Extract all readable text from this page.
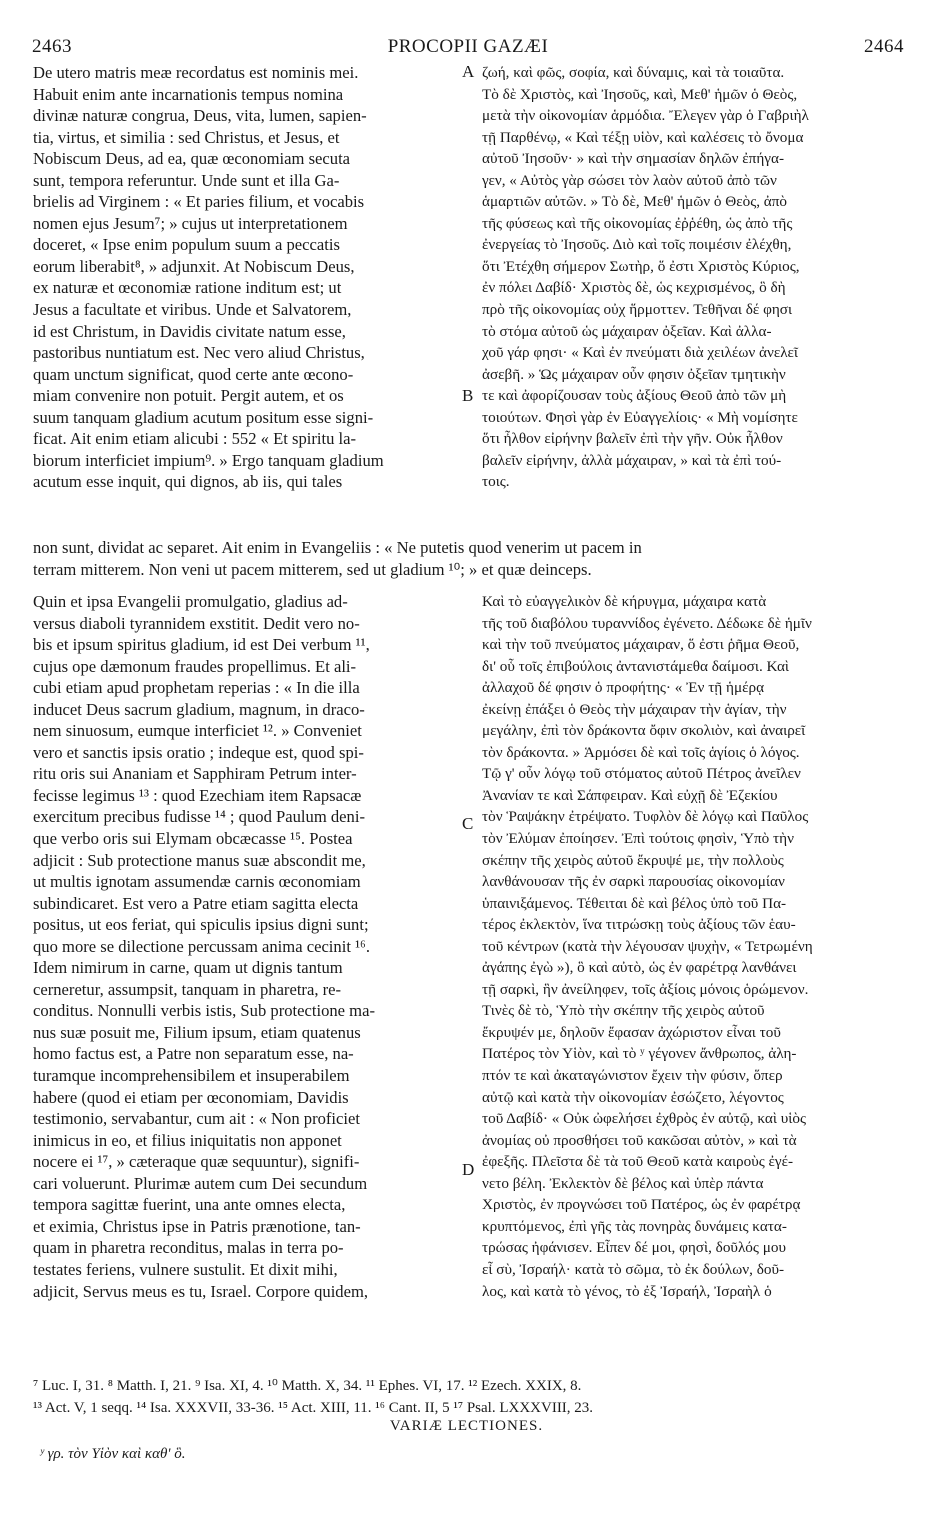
2463	PROCOPII GAZÆI	2464
De utero matris meæ recordatus est nominis mei.
Habuit enim ante incarnationis tempus nomina
divinæ naturæ congrua, Deus, vita, lumen, sapien-
tia, virtus, et similia : sed Christus, et Jesus, et
Nobiscum Deus, ad ea, quæ œconomiam secuta
sunt, tempora referuntur. Unde sunt et illa Ga-
brielis ad Virginem : « Et paries filium, et vocabis
nomen ejus Jesum⁷; » cujus ut interpretationem
doceret, « Ipse enim populum suum a peccatis
eorum liberabit⁸, » adjunxit. At Nobiscum Deus,
ex naturæ et œconomiæ ratione inditum est; ut
Jesus a facultate et viribus. Unde et Salvatorem,
id est Christum, in Davidis civitate natum esse,
pastoribus nuntiatum est. Nec vero aliud Christus,
quam unctum significat, quod certe ante œcono-
miam convenire non potuit. Pergit autem, et os
suum tanquam gladium acutum positum esse signi-
ficat. Ait enim etiam alicubi : 552 « Et spiritu la-
biorum interficiet impium⁹. » Ergo tanquam gladium
acutum esse inquit, qui dignos, ab iis, qui tales
ζωή, καὶ φῶς, σοφία, καὶ δύναμις, καὶ τὰ τοιαῦτα.
Τὸ δὲ Χριστὸς, καὶ Ἰησοῦς, καὶ, Μεθ' ἡμῶν ὁ Θεὸς,
μετὰ τὴν οἰκονομίαν ἁρμόδια. Ἔλεγεν γὰρ ὁ Γαβριὴλ
τῇ Παρθένῳ, « Καὶ τέξῃ υἱὸν, καὶ καλέσεις τὸ ὄνομα
αὐτοῦ Ἰησοῦν· » καὶ τὴν σημασίαν δηλῶν ἐπήγα-
γεν, « Αὐτὸς γὰρ σώσει τὸν λαὸν αὐτοῦ ἀπὸ τῶν
ἁμαρτιῶν αὐτῶν. » Τὸ δὲ, Μεθ' ἡμῶν ὁ Θεὸς, ἀπὸ
τῆς φύσεως καὶ τῆς οἰκονομίας ἐῤῥέθη, ὡς ἀπὸ τῆς
ἐνεργείας τὸ Ἰησοῦς. Διὸ καὶ τοῖς ποιμέσιν ἐλέχθη,
ὅτι Ἐτέχθη σήμερον Σωτὴρ, ὅ ἐστι Χριστὸς Κύριος,
ἐν πόλει Δαβίδ· Χριστὸς δὲ, ὡς κεχρισμένος, ὃ δὴ
πρὸ τῆς οἰκονομίας οὐχ ἥρμοττεν. Τεθῆναι δέ φησι
τὸ στόμα αὐτοῦ ὡς μάχαιραν ὀξεῖαν. Καὶ ἀλλα-
χοῦ γάρ φησι· « Καὶ ἐν πνεύματι διὰ χειλέων ἀνελεῖ
ἀσεβῆ. » Ὡς μάχαιραν οὖν φησιν ὀξεῖαν τμητικὴν
τε καὶ ἀφορίζουσαν τοὺς ἀξίους Θεοῦ ἀπὸ τῶν μὴ
τοιούτων. Φησὶ γὰρ ἐν Εὐαγγελίοις· « Μὴ νομίσητε
ὅτι ἦλθον εἰρήνην βαλεῖν ἐπὶ τὴν γῆν. Οὐκ ἦλθον
βαλεῖν εἰρήνην, ἀλλὰ μάχαιραν, » καὶ τὰ ἐπὶ τού-
τοις.
A
B
C
D
non sunt, dividat ac separet. Ait enim in Evangeliis : « Ne putetis quod venerim ut pacem in
terram mitterem. Non veni ut pacem mitterem, sed ut gladium ¹⁰; » et quæ deinceps.
Quin et ipsa Evangelii promulgatio, gladius ad-
versus diaboli tyrannidem exstitit. Dedit vero no-
bis et ipsum spiritus gladium, id est Dei verbum ¹¹,
cujus ope dæmonum fraudes propellimus. Et ali-
cubi etiam apud prophetam reperias : « In die illa
inducet Deus sacrum gladium, magnum, in draco-
nem sinuosum, eumque interficiet ¹². » Conveniet
vero et sanctis ipsis oratio ; indeque est, quod spi-
ritu oris sui Ananiam et Sapphiram Petrum inter-
fecisse legimus ¹³ : quod Ezechiam item Rapsacæ
exercitum precibus fudisse ¹⁴ ; quod Paulum deni-
que verbo oris sui Elymam obcæcasse ¹⁵. Postea
adjicit : Sub protectione manus suæ abscondit me,
ut multis ignotam assumendæ carnis œconomiam
subindicaret. Est vero a Patre etiam sagitta electa
positus, ut eos feriat, qui spiculis ipsius digni sunt;
quo more se dilectione percussam anima cecinit ¹⁶.
Idem nimirum in carne, quam ut dignis tantum
cerneretur, assumpsit, tanquam in pharetra, re-
conditus. Nonnulli verbis istis, Sub protectione ma-
nus suæ posuit me, Filium ipsum, etiam quatenus
homo factus est, a Patre non separatum esse, na-
turamque incomprehensibilem et insuperabilem
habere (quod ei etiam per œconomiam, Davidis
testimonio, servabantur, cum ait : « Non proficiet
inimicus in eo, et filius iniquitatis non apponet
nocere ei ¹⁷, » cæteraque quæ sequuntur), signifi-
cari voluerunt. Plurimæ autem cum Dei secundum
tempora sagittæ fuerint, una ante omnes electa,
et eximia, Christus ipse in Patris prænotione, tan-
quam in pharetra reconditus, malas in terra po-
testates feriens, vulnere sustulit. Et dixit mihi,
adjicit, Servus meus es tu, Israel. Corpore quidem,
Καὶ τὸ εὐαγγελικὸν δὲ κήρυγμα, μάχαιρα κατὰ
τῆς τοῦ διαβόλου τυραννίδος ἐγένετο. Δέδωκε δὲ ἡμῖν
καὶ τὴν τοῦ πνεύματος μάχαιραν, ὅ ἐστι ῥῆμα Θεοῦ,
δι' οὗ τοῖς ἐπιβούλοις ἀντανιστάμεθα δαίμοσι. Καὶ
ἀλλαχοῦ δέ φησιν ὁ προφήτης· « Ἐν τῇ ἡμέρᾳ
ἐκείνῃ ἐπάξει ὁ Θεὸς τὴν μάχαιραν τὴν ἁγίαν, τὴν
μεγάλην, ἐπὶ τὸν δράκοντα ὄφιν σκολιὸν, καὶ ἀναιρεῖ
τὸν δράκοντα. » Ἁρμόσει δὲ καὶ τοῖς ἁγίοις ὁ λόγος.
Τῷ γ' οὖν λόγῳ τοῦ στόματος αὐτοῦ Πέτρος ἀνεῖλεν
Ἀνανίαν τε καὶ Σάπφειραν. Καὶ εὐχῇ δὲ Ἐζεκίου
τὸν Ῥαψάκην ἐτρέψατο. Τυφλὸν δὲ λόγῳ καὶ Παῦλος
τὸν Ἐλύμαν ἐποίησεν. Ἐπὶ τούτοις φησὶν, Ὑπὸ τὴν
σκέπην τῆς χειρὸς αὐτοῦ ἔκρυψέ με, τὴν πολλοὺς
λανθάνουσαν τῆς ἐν σαρκὶ παρουσίας οἰκονομίαν
ὑπαινιξάμενος. Τέθειται δὲ καὶ βέλος ὑπὸ τοῦ Πα-
τέρος ἐκλεκτὸν, ἵνα τιτρώσκῃ τοὺς ἀξίους τῶν ἑαυ-
τοῦ κέντρων (κατὰ τὴν λέγουσαν ψυχὴν, « Τετρωμένη
ἀγάπης ἐγὼ »), ὃ καὶ αὐτὸ, ὡς ἐν φαρέτρᾳ λανθάνει
τῇ σαρκὶ, ἣν ἀνείληφεν, τοῖς ἀξίοις μόνοις ὁρώμενον.
Τινὲς δὲ τὸ, Ὑπὸ τὴν σκέπην τῆς χειρὸς αὐτοῦ
ἔκρυψέν με, δηλοῦν ἔφασαν ἀχώριστον εἶναι τοῦ
Πατέρος τὸν Υἱὸν, καὶ τὸ ʸ γέγονεν ἄνθρωπος, ἀλη-
πτόν τε καὶ ἀκαταγώνιστον ἔχειν τὴν φύσιν, ὅπερ
αὐτῷ καὶ κατὰ τὴν οἰκονομίαν ἐσώζετο, λέγοντος
τοῦ Δαβίδ· « Οὐκ ὠφελήσει ἐχθρὸς ἐν αὐτῷ, καὶ υἱὸς
ἀνομίας οὐ προσθήσει τοῦ κακῶσαι αὐτὸν, » καὶ τὰ
ἐφεξῆς. Πλεῖστα δὲ τὰ τοῦ Θεοῦ κατὰ καιροὺς ἐγέ-
νετο βέλη. Ἐκλεκτὸν δὲ βέλος καὶ ὑπὲρ πάντα
Χριστὸς, ἐν προγνώσει τοῦ Πατέρος, ὡς ἐν φαρέτρᾳ
κρυπτόμενος, ἐπὶ γῆς τὰς πονηρὰς δυνάμεις κατα-
τρώσας ἠφάνισεν. Εἶπεν δέ μοι, φησὶ, δοῦλός μου
εἶ σὺ, Ἰσραήλ· κατὰ τὸ σῶμα, τὸ ἐκ δούλων, δοῦ-
λος, καὶ κατὰ τὸ γένος, τὸ ἐξ Ἰσραήλ, Ἰσραὴλ ὁ
⁷ Luc. I, 31. ⁸ Matth. I, 21. ⁹ Isa. XI, 4. ¹⁰ Matth. X, 34. ¹¹ Ephes. VI, 17. ¹² Ezech. XXIX, 8.
¹³ Act. V, 1 seqq. ¹⁴ Isa. XXXVII, 33-36. ¹⁵ Act. XIII, 11. ¹⁶ Cant. II, 5 ¹⁷ Psal. LXXXVIII, 23.
VARIÆ LECTIONES.
ʸ γρ. τὸν Υἱὸν καὶ καθ' ὃ.
